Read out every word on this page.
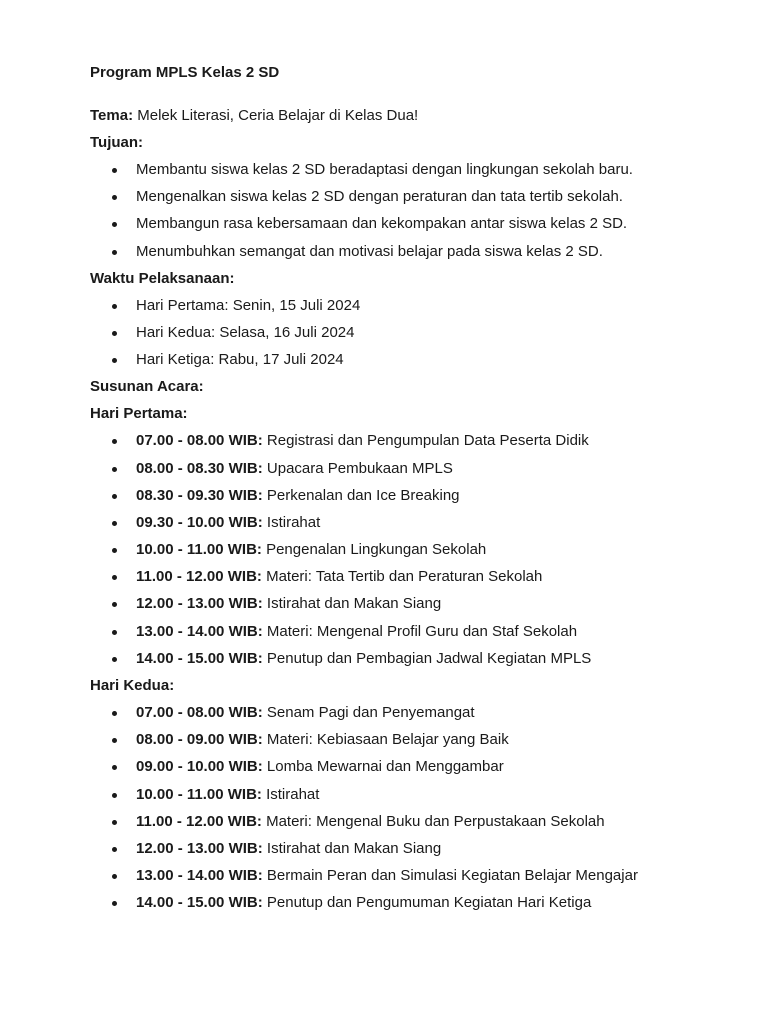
Program MPLS Kelas 2 SD
Tema: Melek Literasi, Ceria Belajar di Kelas Dua!
Tujuan:
Membantu siswa kelas 2 SD beradaptasi dengan lingkungan sekolah baru.
Mengenalkan siswa kelas 2 SD dengan peraturan dan tata tertib sekolah.
Membangun rasa kebersamaan dan kekompakan antar siswa kelas 2 SD.
Menumbuhkan semangat dan motivasi belajar pada siswa kelas 2 SD.
Waktu Pelaksanaan:
Hari Pertama: Senin, 15 Juli 2024
Hari Kedua: Selasa, 16 Juli 2024
Hari Ketiga: Rabu, 17 Juli 2024
Susunan Acara:
Hari Pertama:
07.00 - 08.00 WIB: Registrasi dan Pengumpulan Data Peserta Didik
08.00 - 08.30 WIB: Upacara Pembukaan MPLS
08.30 - 09.30 WIB: Perkenalan dan Ice Breaking
09.30 - 10.00 WIB: Istirahat
10.00 - 11.00 WIB: Pengenalan Lingkungan Sekolah
11.00 - 12.00 WIB: Materi: Tata Tertib dan Peraturan Sekolah
12.00 - 13.00 WIB: Istirahat dan Makan Siang
13.00 - 14.00 WIB: Materi: Mengenal Profil Guru dan Staf Sekolah
14.00 - 15.00 WIB: Penutup dan Pembagian Jadwal Kegiatan MPLS
Hari Kedua:
07.00 - 08.00 WIB: Senam Pagi dan Penyemangat
08.00 - 09.00 WIB: Materi: Kebiasaan Belajar yang Baik
09.00 - 10.00 WIB: Lomba Mewarnai dan Menggambar
10.00 - 11.00 WIB: Istirahat
11.00 - 12.00 WIB: Materi: Mengenal Buku dan Perpustakaan Sekolah
12.00 - 13.00 WIB: Istirahat dan Makan Siang
13.00 - 14.00 WIB: Bermain Peran dan Simulasi Kegiatan Belajar Mengajar
14.00 - 15.00 WIB: Penutup dan Pengumuman Kegiatan Hari Ketiga
